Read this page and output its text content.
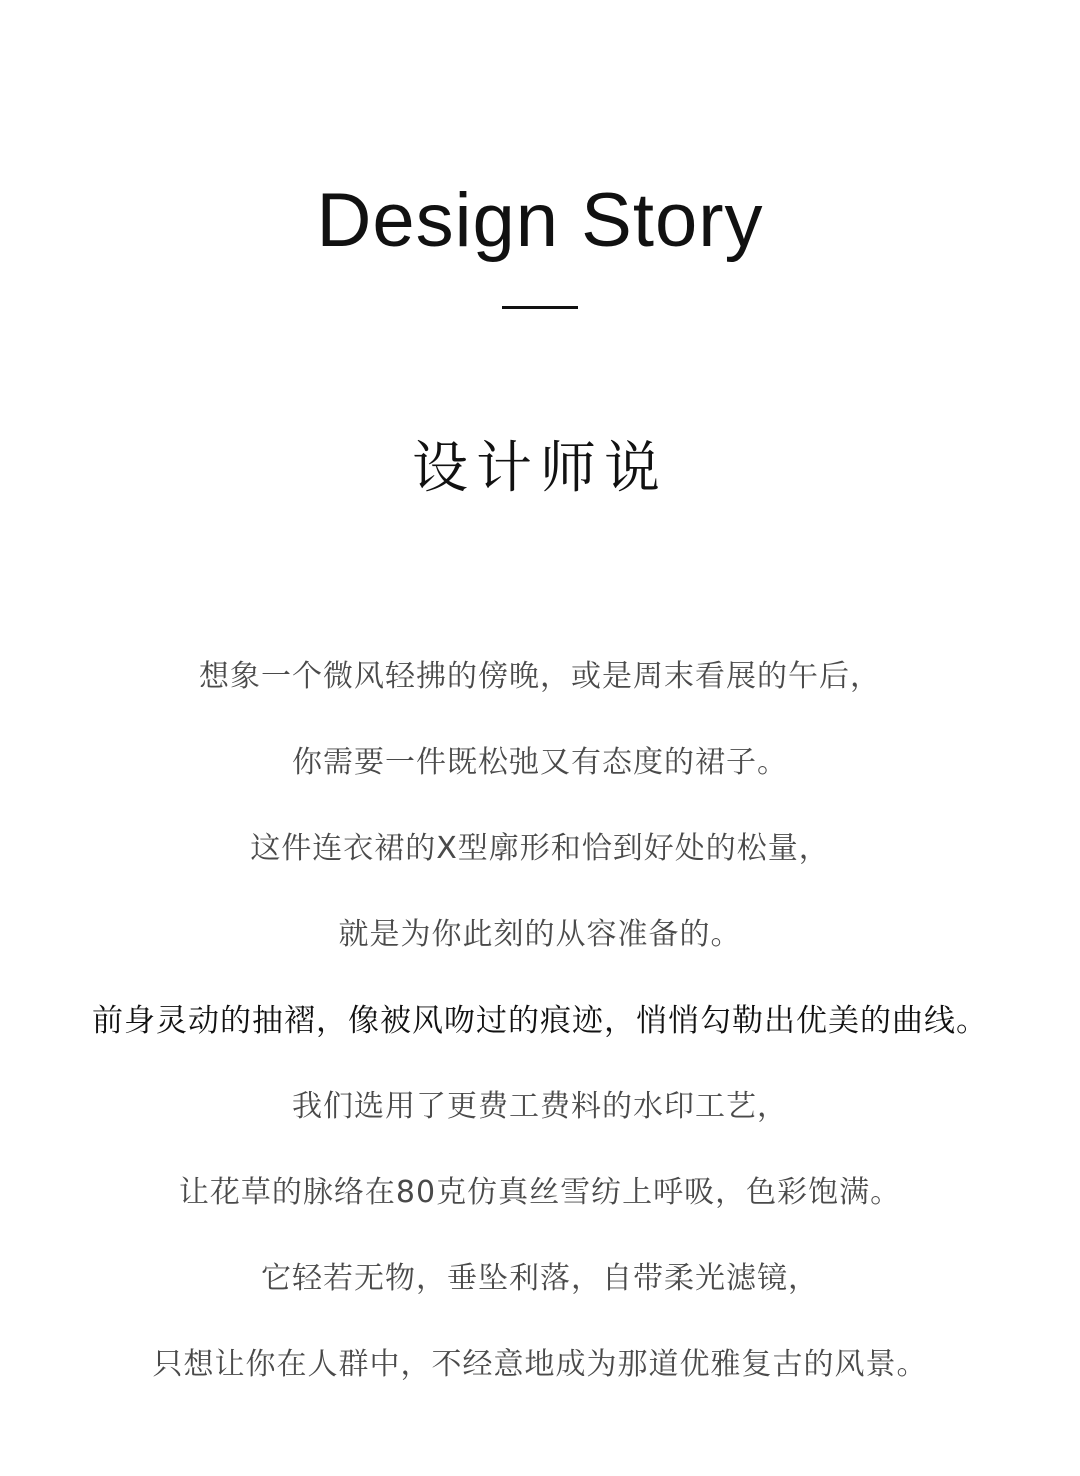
Design Story
设计师说
想象一个微风轻拂的傍晚，或是周末看展的午后，
你需要一件既松弛又有态度的裙子。
这件连衣裙的X型廓形和恰到好处的松量，
就是为你此刻的从容准备的。
前身灵动的抽褶，像被风吻过的痕迹，悄悄勾勒出优美的曲线。
我们选用了更费工费料的水印工艺，
让花草的脉络在80克仿真丝雪纺上呼吸，色彩饱满。
它轻若无物，垂坠利落，自带柔光滤镜，
只想让你在人群中，不经意地成为那道优雅复古的风景。
